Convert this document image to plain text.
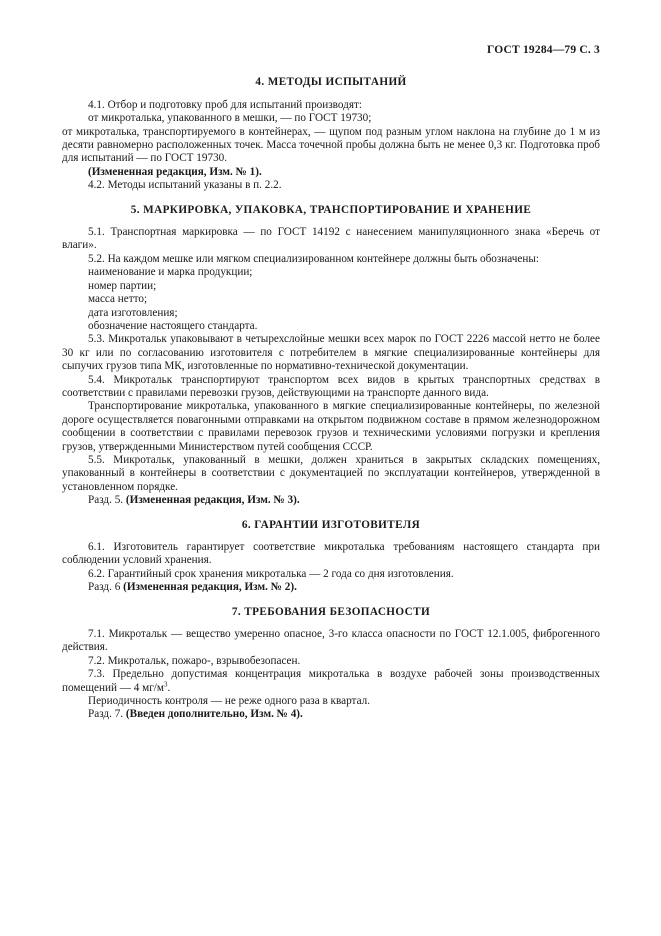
ГОСТ 19284—79 С. 3
4. МЕТОДЫ ИСПЫТАНИЙ

4.1. Отбор и подготовку проб для испытаний производят:

от микроталька, упакованного в мешки, — по ГОСТ 19730;

от микроталька, транспортируемого в контейнерах, — щупом под разным углом наклона на глубине до 1 м из десяти равномерно расположенных точек. Масса точечной пробы должна быть не менее 0,3 кг. Подготовка проб для испытаний — по ГОСТ 19730.

(Измененная редакция, Изм. № 1).

4.2. Методы испытаний указаны в п. 2.2.

5. МАРКИРОВКА, УПАКОВКА, ТРАНСПОРТИРОВАНИЕ И ХРАНЕНИЕ

5.1. Транспортная маркировка — по ГОСТ 14192 с нанесением манипуляционного знака «Беречь от влаги».

5.2. На каждом мешке или мягком специализированном контейнере должны быть обозначены:

наименование и марка продукции;

номер партии;

масса нетто;

дата изготовления;

обозначение настоящего стандарта.

5.3. Микротальк упаковывают в четырехслойные мешки всех марок по ГОСТ 2226 массой нетто не более 30 кг или по согласованию изготовителя с потребителем в мягкие специализированные контейнеры для сыпучих грузов типа МК, изготовленные по нормативно-технической документации.

5.4. Микротальк транспортируют транспортом всех видов в крытых транспортных средствах в соответствии с правилами перевозки грузов, действующими на транспорте данного вида.

Транспортирование микроталька, упакованного в мягкие специализированные контейнеры, по железной дороге осуществляется повагонными отправками на открытом подвижном составе в прямом железнодорожном сообщении в соответствии с правилами перевозок грузов и техническими условиями погрузки и крепления грузов, утвержденными Министерством путей сообщения СССР.

5.5. Микротальк, упакованный в мешки, должен храниться в закрытых складских помещениях, упакованный в контейнеры в соответствии с документацией по эксплуатации контейнеров, утвержденной в установленном порядке.

Разд. 5. (Измененная редакция, Изм. № 3).

6. ГАРАНТИИ ИЗГОТОВИТЕЛЯ

6.1. Изготовитель гарантирует соответствие микроталька требованиям настоящего стандарта при соблюдении условий хранения.

6.2. Гарантийный срок хранения микроталька — 2 года со дня изготовления.

Разд. 6 (Измененная редакция, Изм. № 2).

7. ТРЕБОВАНИЯ БЕЗОПАСНОСТИ

7.1. Микротальк — вещество умеренно опасное, 3-го класса опасности по ГОСТ 12.1.005, фиброгенного действия.

7.2. Микротальк, пожаро-, взрывобезопасен.

7.3. Предельно допустимая концентрация микроталька в воздухе рабочей зоны производственных помещений — 4 $мг/м^3$.

Периодичность контроля — не реже одного раза в квартал.

Разд. 7. (Введен дополнительно, Изм. № 4).
